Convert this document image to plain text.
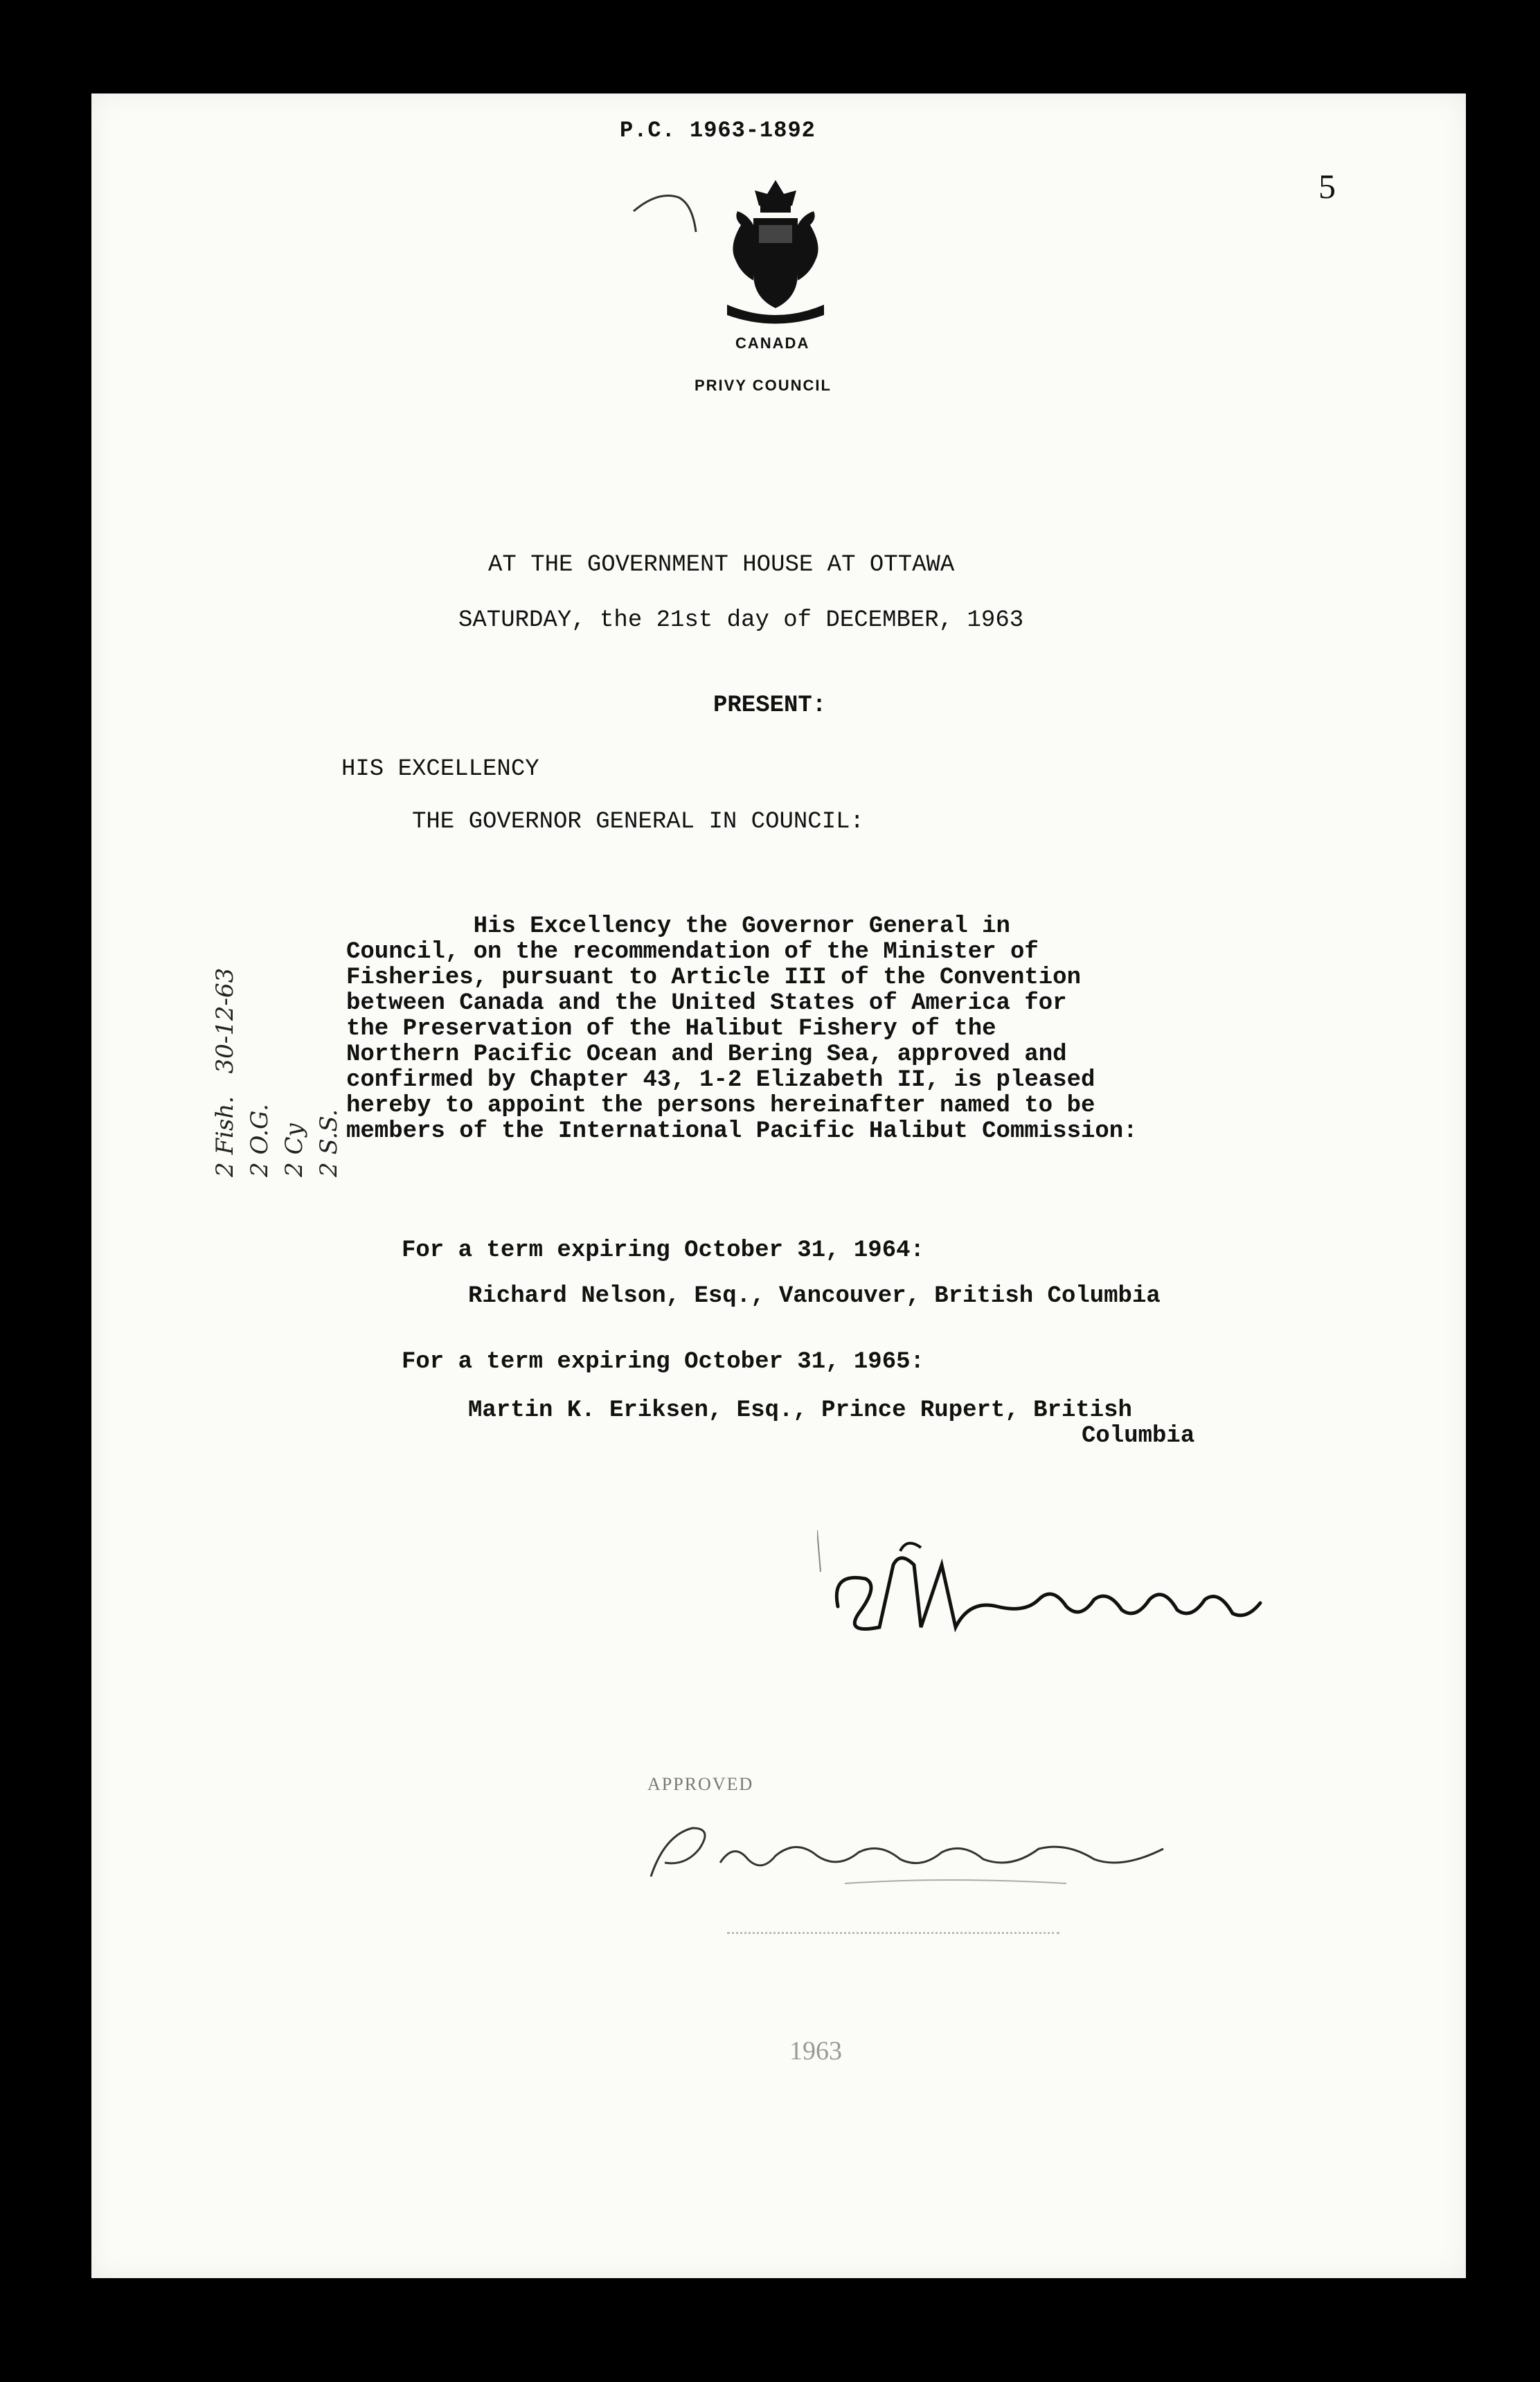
P.C. 1963-1892
5
CANADA
PRIVY COUNCIL
AT THE GOVERNMENT HOUSE AT OTTAWA
SATURDAY, the 21st day of DECEMBER, 1963
PRESENT:
HIS EXCELLENCY
THE GOVERNOR GENERAL IN COUNCIL:
His Excellency the Governor General in
Council, on the recommendation of the Minister of
Fisheries, pursuant to Article III of the Convention
between Canada and the United States of America for
the Preservation of the Halibut Fishery of the
Northern Pacific Ocean and Bering Sea, approved and
confirmed by Chapter 43, 1-2 Elizabeth II, is pleased
hereby to appoint the persons hereinafter named to be
members of the International Pacific Halibut Commission:
For a term expiring October 31, 1964:
Richard Nelson, Esq., Vancouver, British Columbia
For a term expiring October 31, 1965:
Martin K. Eriksen, Esq., Prince Rupert, British
Columbia
2 Fish.   30-12-63
2 O.G.
2 Cy
2 S.S.
APPROVED
1963
